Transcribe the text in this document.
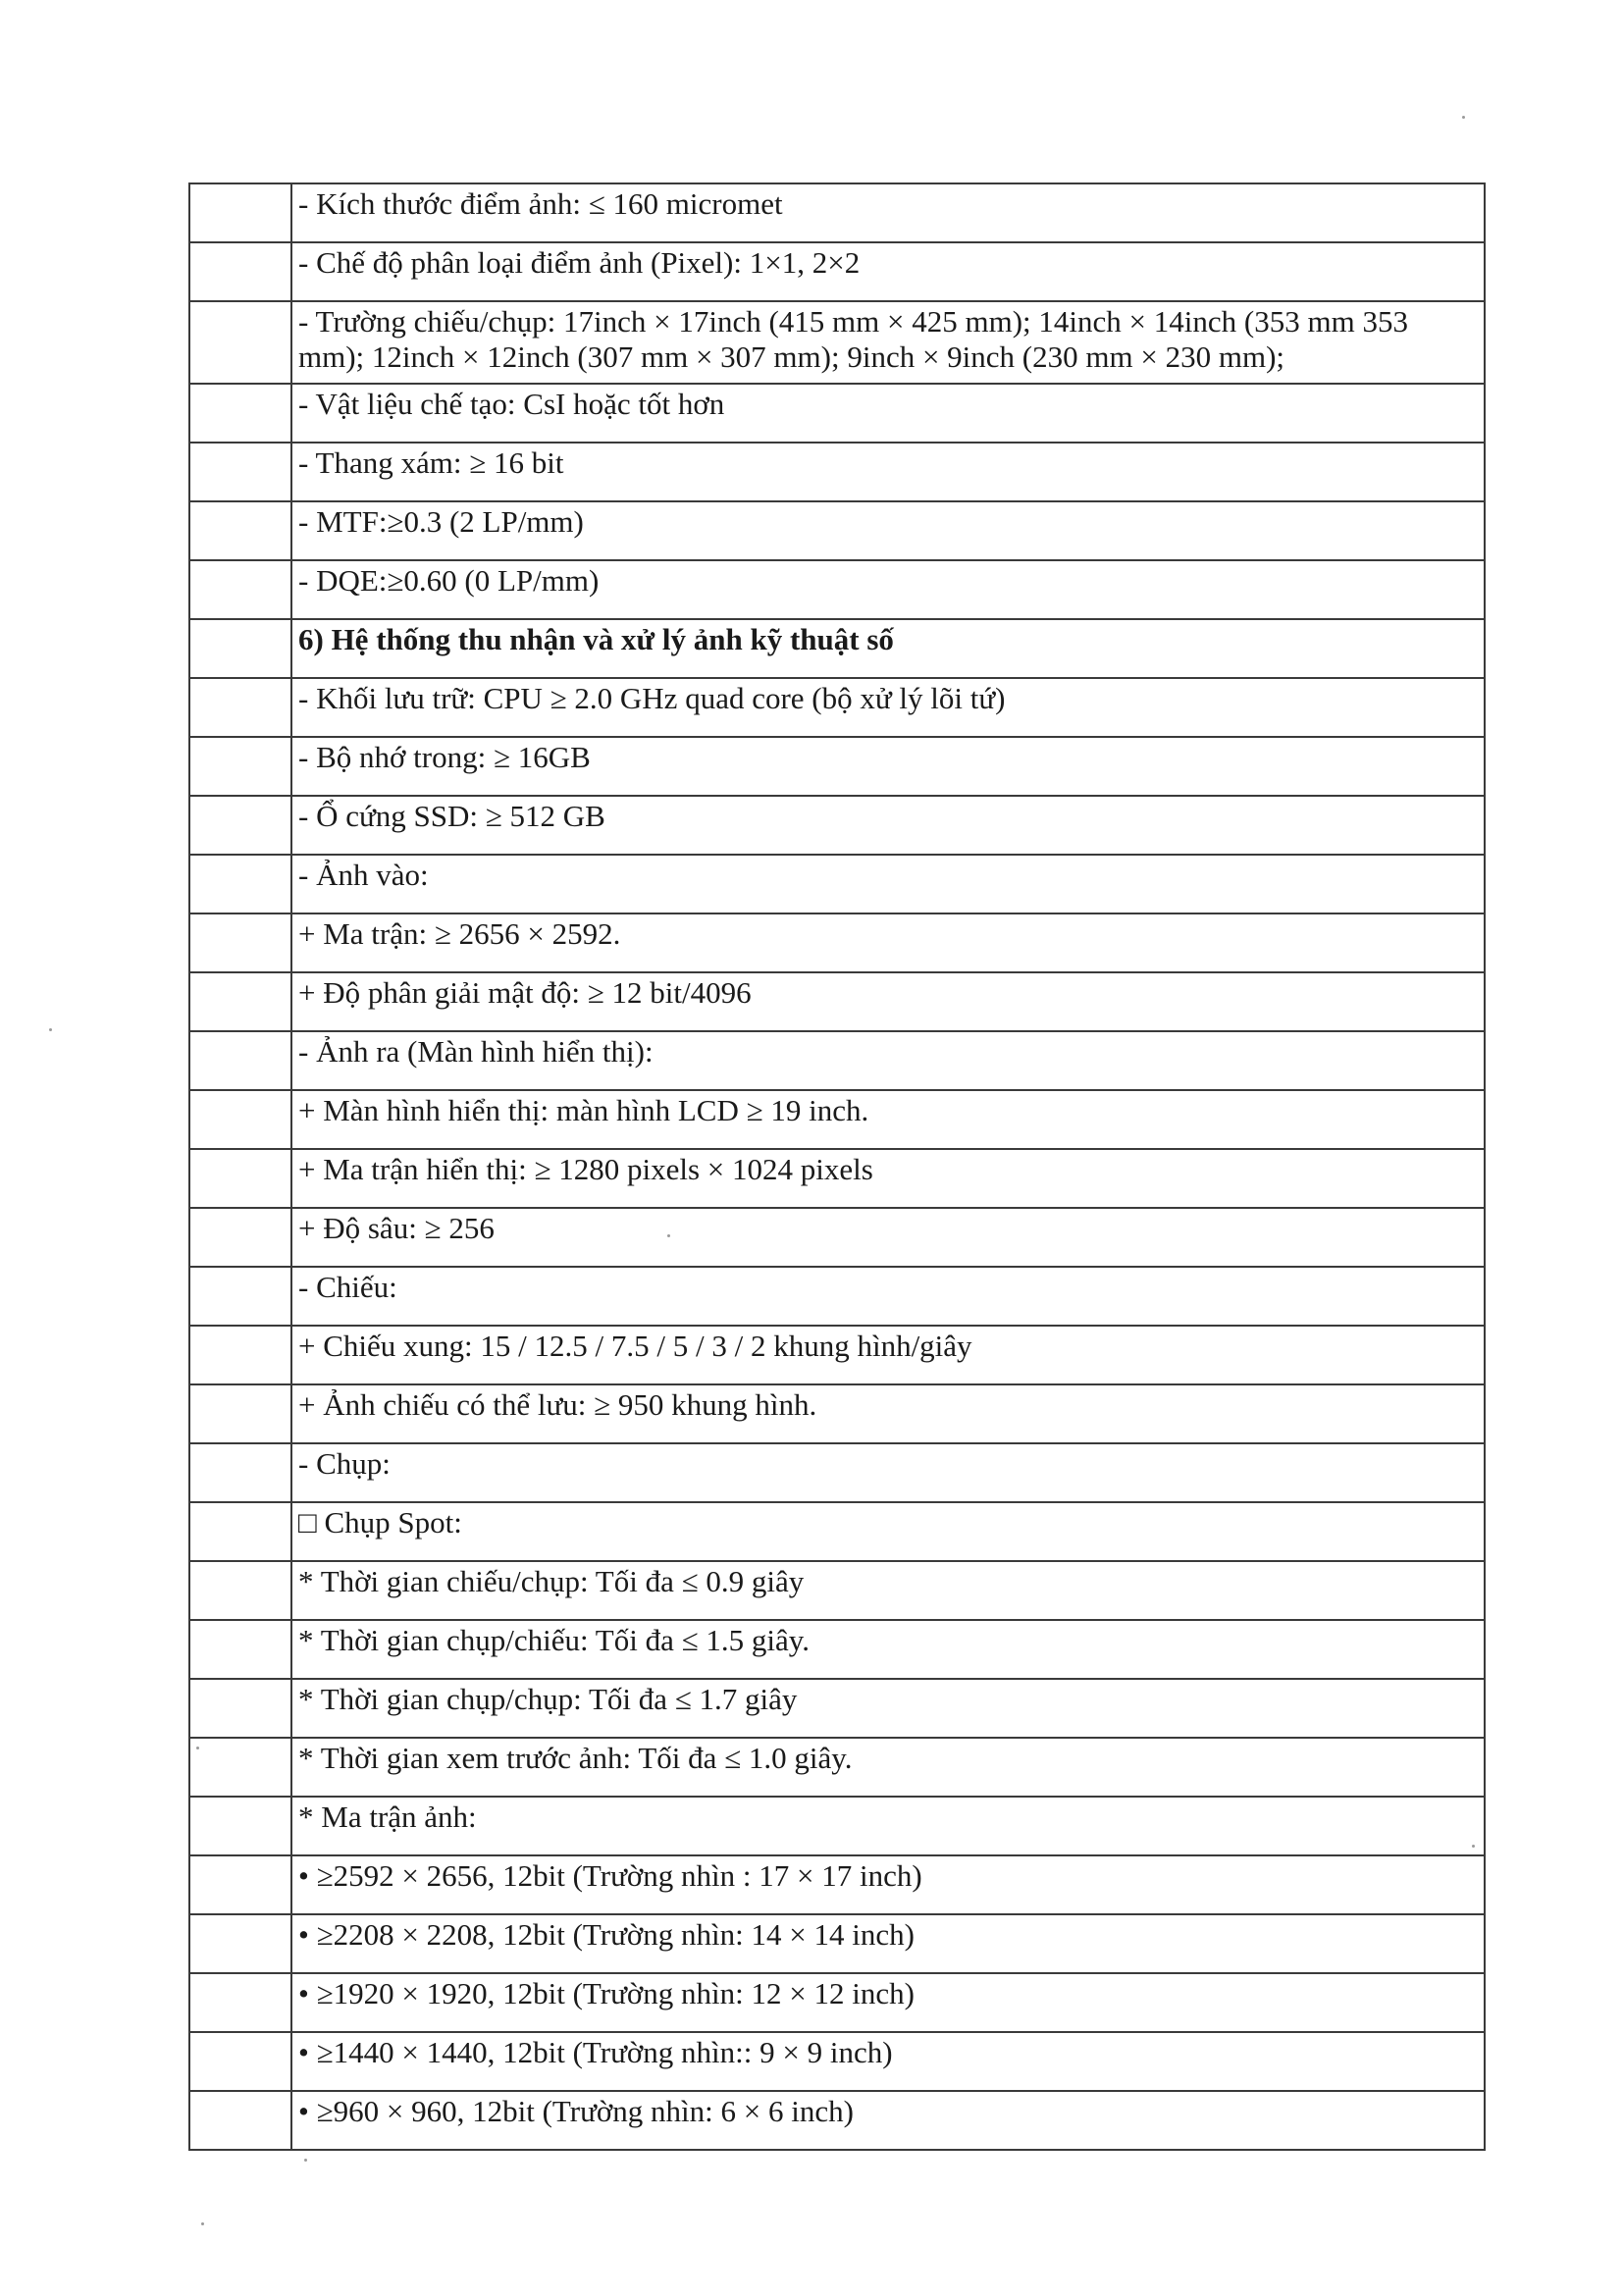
	- Kích thước điểm ảnh: ≤ 160 micromet
	- Chế độ phân loại điểm ảnh (Pixel): 1×1, 2×2
	- Trường chiếu/chụp: 17inch × 17inch (415 mm × 425 mm); 14inch × 14inch (353 mm 353 mm); 12inch × 12inch (307 mm × 307 mm); 9inch × 9inch (230 mm × 230 mm);
	- Vật liệu chế tạo: CsI hoặc tốt hơn
	- Thang xám: ≥ 16 bit
	- MTF:≥0.3 (2 LP/mm)
	- DQE:≥0.60 (0 LP/mm)
	6) Hệ thống thu nhận và xử lý ảnh kỹ thuật số
	- Khối lưu trữ: CPU ≥ 2.0 GHz quad core (bộ xử lý lõi tứ)
	- Bộ nhớ trong: ≥ 16GB
	- Ổ cứng SSD: ≥ 512 GB
	- Ảnh vào:
	+ Ma trận: ≥ 2656 × 2592.
	+ Độ phân giải mật độ: ≥ 12 bit/4096
	- Ảnh ra (Màn hình hiển thị):
	+ Màn hình hiển thị: màn hình LCD ≥ 19 inch.
	+ Ma trận hiển thị: ≥ 1280 pixels × 1024 pixels
	+ Độ sâu: ≥ 256
	- Chiếu:
	+ Chiếu xung: 15 / 12.5 / 7.5 / 5 / 3 / 2 khung hình/giây
	+ Ảnh chiếu có thể lưu: ≥ 950 khung hình.
	- Chụp:
	□ Chụp Spot:
	* Thời gian chiếu/chụp: Tối đa ≤ 0.9 giây
	* Thời gian chụp/chiếu: Tối đa ≤ 1.5 giây.
	* Thời gian chụp/chụp: Tối đa ≤ 1.7 giây
	* Thời gian xem trước ảnh: Tối đa ≤ 1.0 giây.
	* Ma trận ảnh:
	• ≥2592 × 2656, 12bit (Trường nhìn : 17 × 17 inch)
	• ≥2208 × 2208, 12bit (Trường nhìn: 14 × 14 inch)
	• ≥1920 × 1920, 12bit (Trường nhìn: 12 × 12 inch)
	• ≥1440 × 1440, 12bit (Trường nhìn:: 9 × 9 inch)
	• ≥960 × 960, 12bit (Trường nhìn: 6 × 6 inch)
